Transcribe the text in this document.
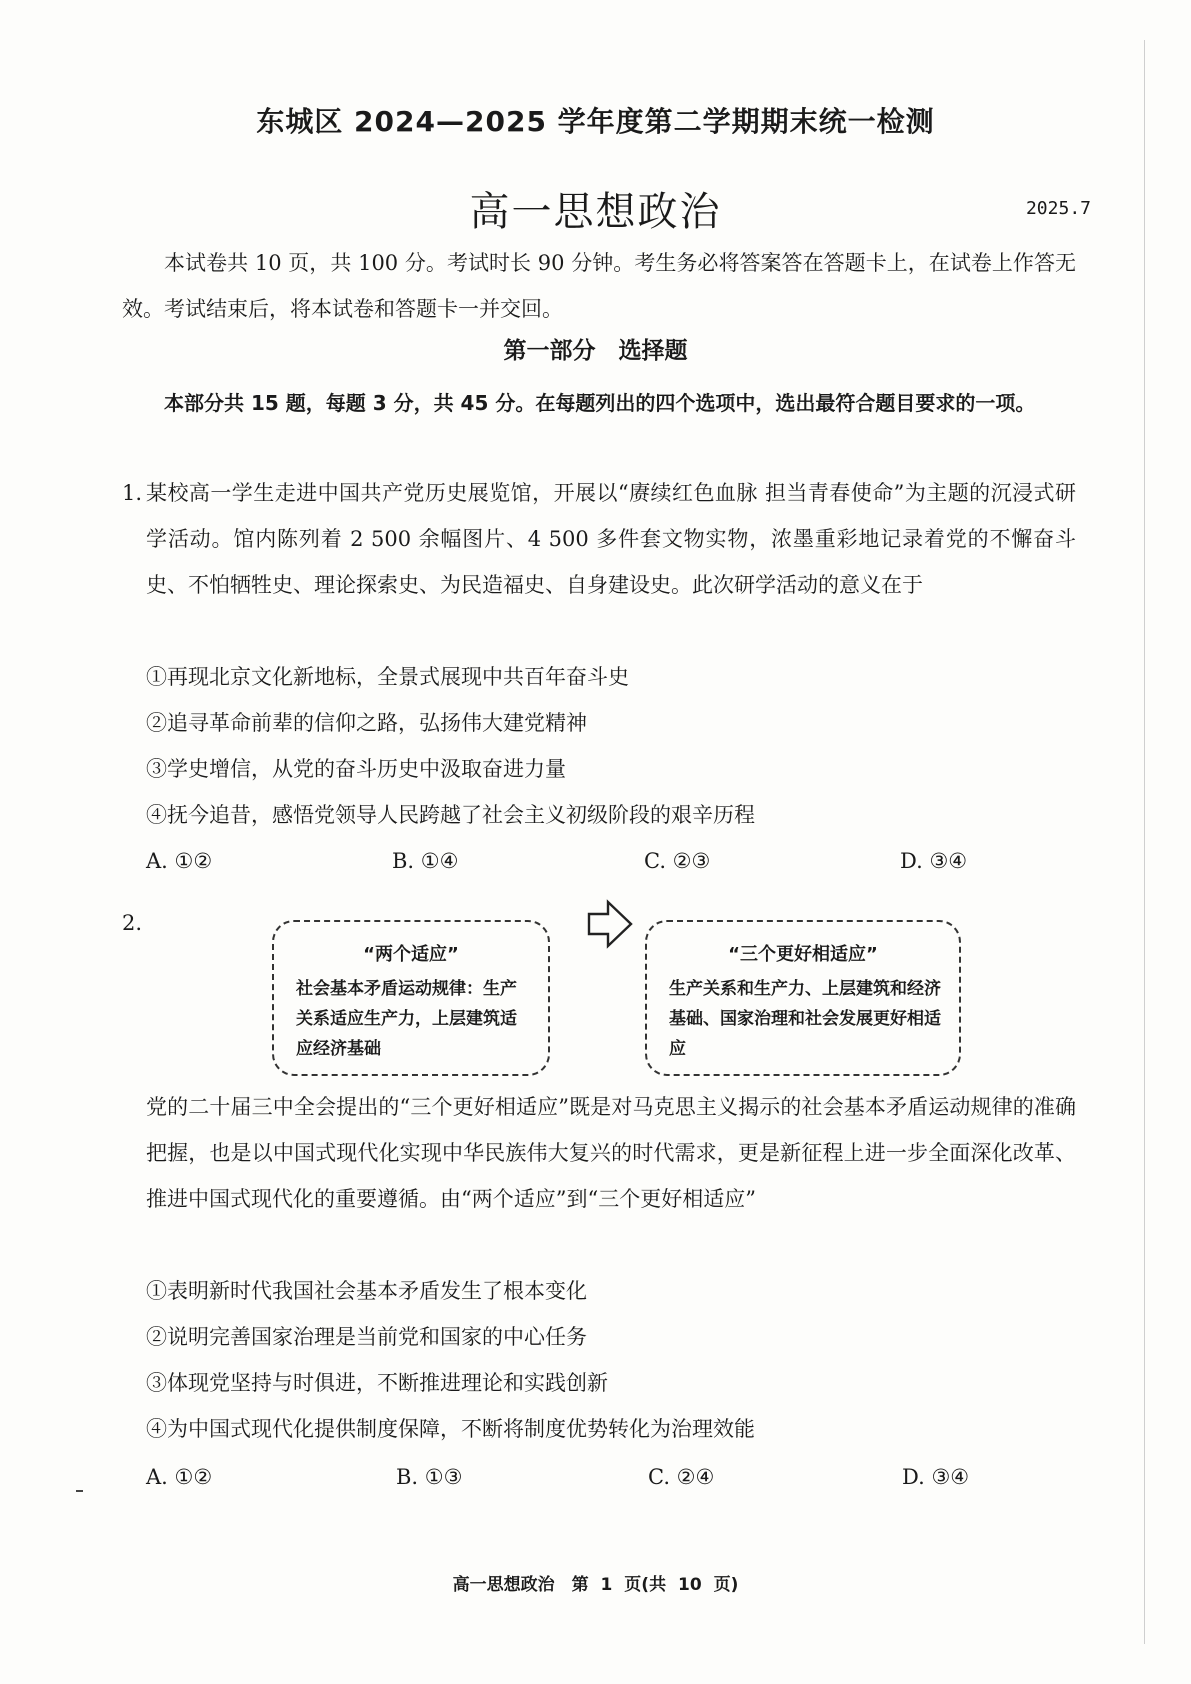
东城区 2024—2025 学年度第二学期期末统一检测
高一思想政治	2025.7
本试卷共 10 页，共 100 分。考试时长 90 分钟。考生务必将答案答在答题卡上，在试卷上作答无效。考试结束后，将本试卷和答题卡一并交回。
第一部分　选择题
本部分共 15 题，每题 3 分，共 45 分。在每题列出的四个选项中，选出最符合题目要求的一项。
1. 某校高一学生走进中国共产党历史展览馆，开展以“赓续红色血脉 担当青春使命”为主题的沉浸式研学活动。馆内陈列着 2 500 余幅图片、4 500 多件套文物实物，浓墨重彩地记录着党的不懈奋斗史、不怕牺牲史、理论探索史、为民造福史、自身建设史。此次研学活动的意义在于
①再现北京文化新地标，全景式展现中共百年奋斗史
②追寻革命前辈的信仰之路，弘扬伟大建党精神
③学史增信，从党的奋斗历史中汲取奋进力量
④抚今追昔，感悟党领导人民跨越了社会主义初级阶段的艰辛历程
A. ①②	B. ①④	C. ②③	D. ③④
2.
“两个适应”
社会基本矛盾运动规律：生产关系适应生产力，上层建筑适应经济基础
“三个更好相适应”
生产关系和生产力、上层建筑和经济基础、国家治理和社会发展更好相适应
党的二十届三中全会提出的“三个更好相适应”既是对马克思主义揭示的社会基本矛盾运动规律的准确把握，也是以中国式现代化实现中华民族伟大复兴的时代需求，更是新征程上进一步全面深化改革、推进中国式现代化的重要遵循。由“两个适应”到“三个更好相适应”
①表明新时代我国社会基本矛盾发生了根本变化
②说明完善国家治理是当前党和国家的中心任务
③体现党坚持与时俱进，不断推进理论和实践创新
④为中国式现代化提供制度保障，不断将制度优势转化为治理效能
A. ①②	B. ①③	C. ②④	D. ③④
高一思想政治　第 1 页(共 10 页)
